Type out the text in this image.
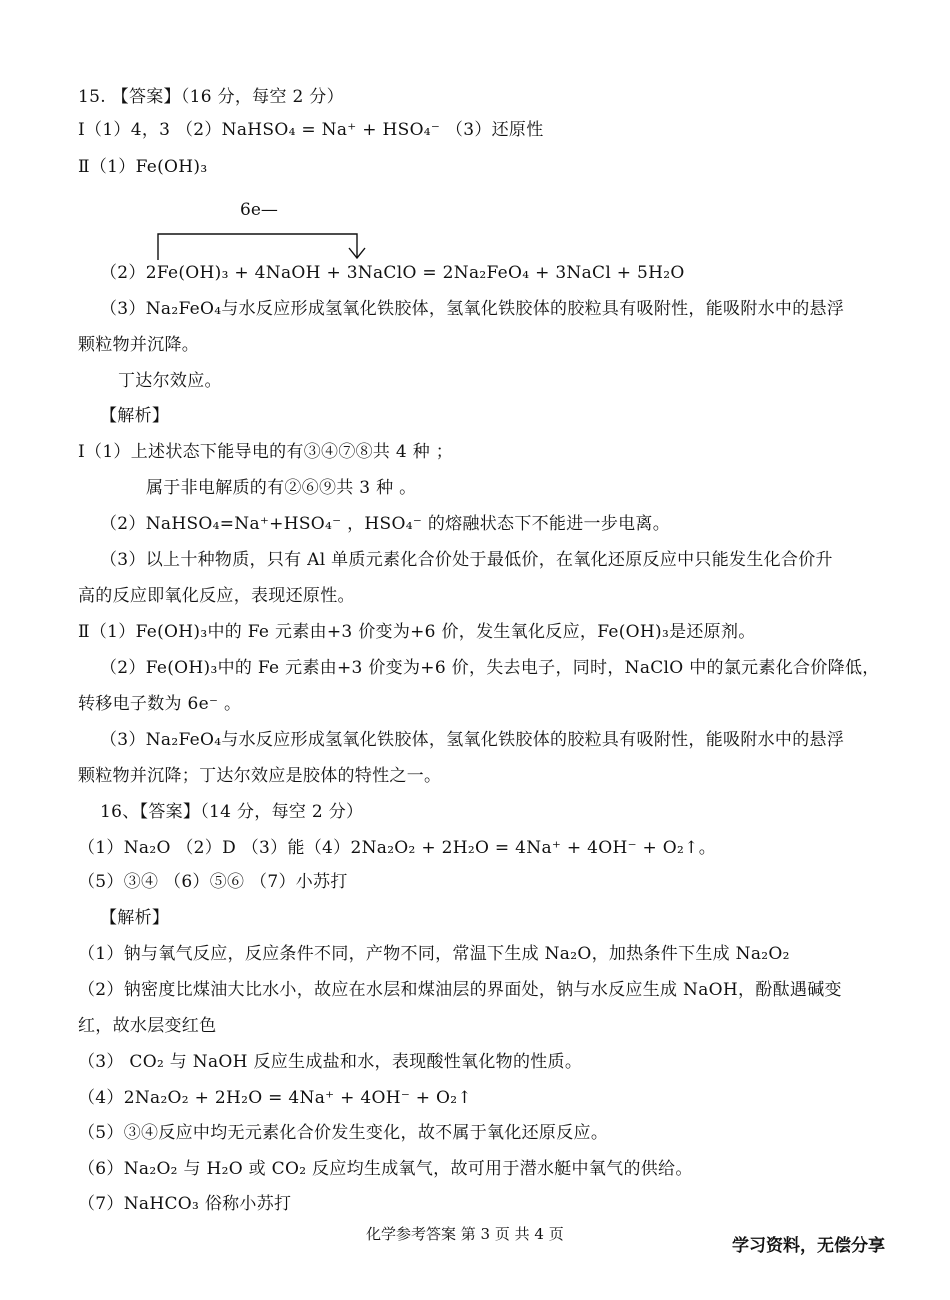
15. 【答案】（16 分，每空 2 分）
Ⅰ（1）4，3 （2）NaHSO₄ = Na⁺ + HSO₄⁻ （3）还原性
Ⅱ（1）Fe(OH)₃
（2）2Fe(OH)₃ + 4NaOH + 3NaClO = 2Na₂FeO₄ + 3NaCl + 5H₂O
（3）Na₂FeO₄与水反应形成氢氧化铁胶体，氢氧化铁胶体的胶粒具有吸附性，能吸附水中的悬浮
颗粒物并沉降。
丁达尔效应。
【解析】
Ⅰ（1）上述状态下能导电的有③④⑦⑧共 4 种 ；
属于非电解质的有②⑥⑨共 3 种 。
（2）NaHSO₄=Na⁺+HSO₄⁻ ，HSO₄⁻ 的熔融状态下不能进一步电离。
（3）以上十种物质，只有 Al 单质元素化合价处于最低价，在氧化还原反应中只能发生化合价升
高的反应即氧化反应，表现还原性。
Ⅱ（1）Fe(OH)₃中的 Fe 元素由+3 价变为+6 价，发生氧化反应，Fe(OH)₃是还原剂。
（2）Fe(OH)₃中的 Fe 元素由+3 价变为+6 价，失去电子，同时，NaClO 中的氯元素化合价降低，
转移电子数为 6e⁻ 。
（3）Na₂FeO₄与水反应形成氢氧化铁胶体，氢氧化铁胶体的胶粒具有吸附性，能吸附水中的悬浮
颗粒物并沉降；丁达尔效应是胶体的特性之一。
16、【答案】（14 分，每空 2 分）
（1）Na₂O （2）D （3）能（4）2Na₂O₂ + 2H₂O = 4Na⁺ + 4OH⁻ + O₂↑。
（5）③④ （6）⑤⑥ （7）小苏打
【解析】
（1）钠与氧气反应，反应条件不同，产物不同，常温下生成 Na₂O，加热条件下生成 Na₂O₂
（2）钠密度比煤油大比水小，故应在水层和煤油层的界面处，钠与水反应生成 NaOH，酚酞遇碱变
红，故水层变红色
（3） CO₂ 与 NaOH 反应生成盐和水，表现酸性氧化物的性质。
（4）2Na₂O₂ + 2H₂O = 4Na⁺ + 4OH⁻ + O₂↑
（5）③④反应中均无元素化合价发生变化，故不属于氧化还原反应。
（6）Na₂O₂ 与 H₂O 或 CO₂ 反应均生成氧气，故可用于潜水艇中氧气的供给。
（7）NaHCO₃ 俗称小苏打
6e—
化学参考答案 第 3 页 共 4 页
学习资料，无偿分享
